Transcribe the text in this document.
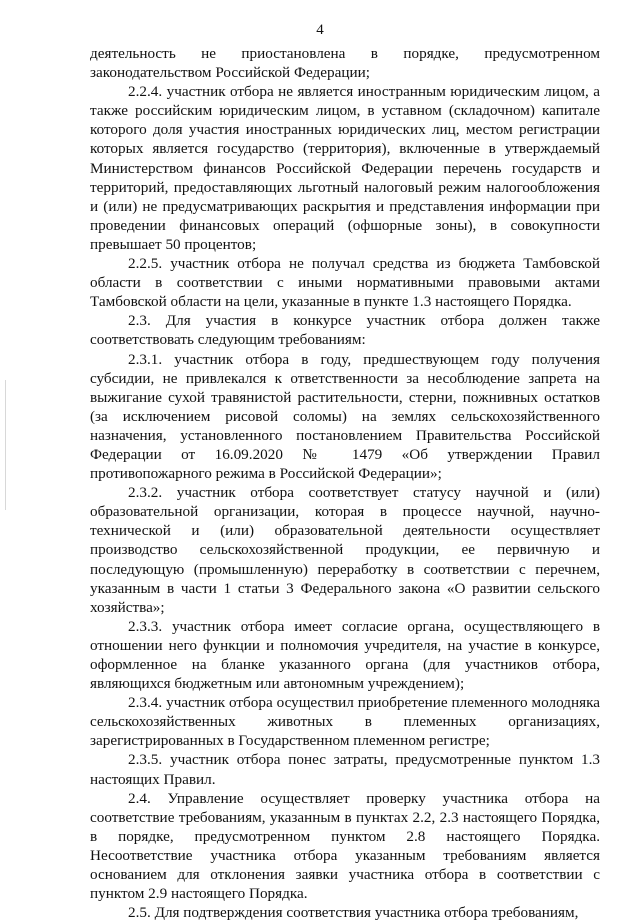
4

деятельность не приостановлена в порядке, предусмотренном законодательством Российской Федерации;

2.2.4. участник отбора не является иностранным юридическим лицом, а также российским юридическим лицом, в уставном (складочном) капитале которого доля участия иностранных юридических лиц, местом регистрации которых является государство (территория), включенные в утверждаемый Министерством финансов Российской Федерации перечень государств и территорий, предоставляющих льготный налоговый режим налогообложения и (или) не предусматривающих раскрытия и представления информации при проведении финансовых операций (офшорные зоны), в совокупности превышает 50 процентов;

2.2.5. участник отбора не получал средства из бюджета Тамбовской области в соответствии с иными нормативными правовыми актами Тамбовской области на цели, указанные в пункте 1.3 настоящего Порядка.

2.3. Для участия в конкурсе участник отбора должен также соответствовать следующим требованиям:

2.3.1. участник отбора в году, предшествующем году получения субсидии, не привлекался к ответственности за несоблюдение запрета на выжигание сухой травянистой растительности, стерни, пожнивных остатков (за исключением рисовой соломы) на землях сельскохозяйственного назначения, установленного постановлением Правительства Российской Федерации от 16.09.2020 № 1479 «Об утверждении Правил противопожарного режима в Российской Федерации»;

2.3.2. участник отбора соответствует статусу научной и (или) образовательной организации, которая в процессе научной, научно-технической и (или) образовательной деятельности осуществляет производство сельскохозяйственной продукции, ее первичную и последующую (промышленную) переработку в соответствии с перечнем, указанным в части 1 статьи 3 Федерального закона «О развитии сельского хозяйства»;

2.3.3. участник отбора имеет согласие органа, осуществляющего в отношении него функции и полномочия учредителя, на участие в конкурсе, оформленное на бланке указанного органа (для участников отбора, являющихся бюджетным или автономным учреждением);

2.3.4. участник отбора осуществил приобретение племенного молодняка сельскохозяйственных животных в племенных организациях, зарегистрированных в Государственном племенном регистре;

2.3.5. участник отбора понес затраты, предусмотренные пунктом 1.3 настоящих Правил.

2.4. Управление осуществляет проверку участника отбора на соответствие требованиям, указанным в пунктах 2.2, 2.3 настоящего Порядка, в порядке, предусмотренном пунктом 2.8 настоящего Порядка. Несоответствие участника отбора указанным требованиям является основанием для отклонения заявки участника отбора в соответствии с пунктом 2.9 настоящего Порядка.

2.5. Для подтверждения соответствия участника отбора требованиям,
